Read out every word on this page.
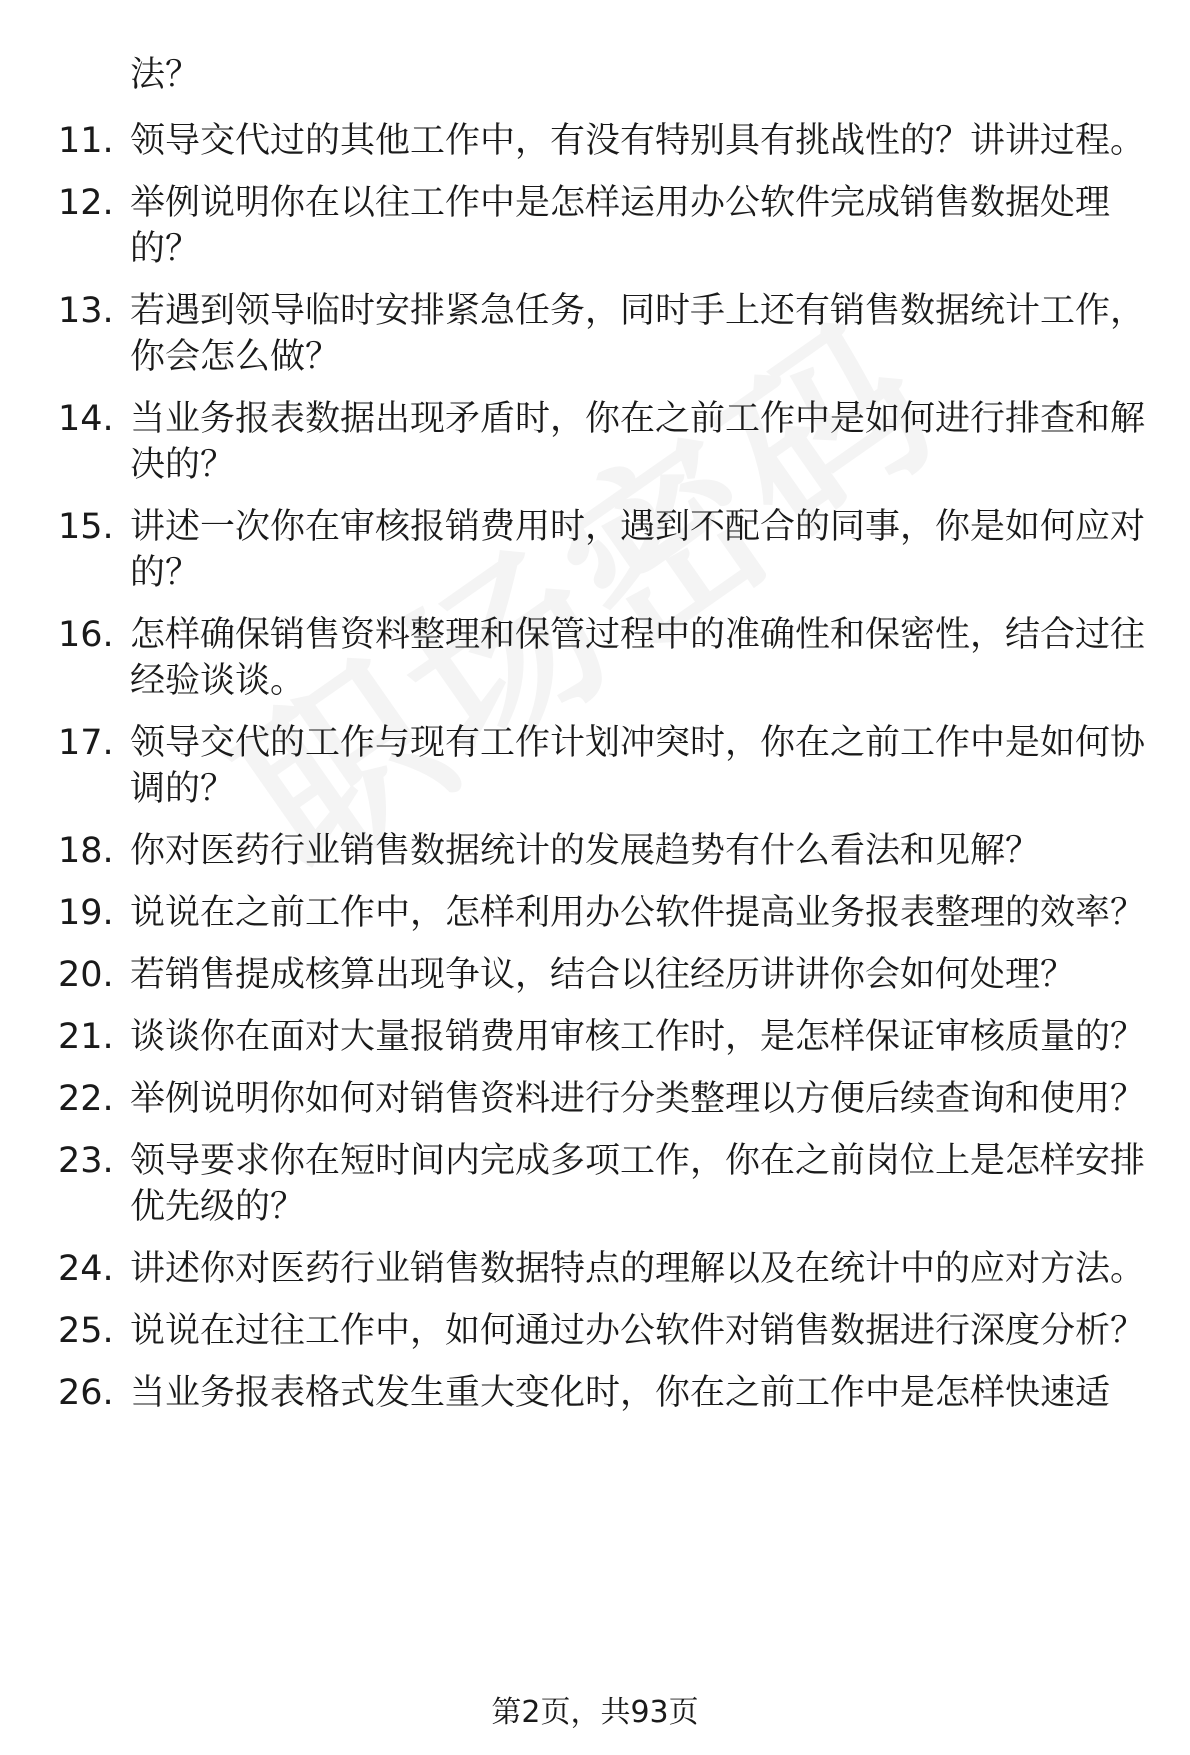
法？
11. 领导交代过的其他工作中，有没有特别具有挑战性的？讲讲过程。
12. 举例说明你在以往工作中是怎样运用办公软件完成销售数据处理的？
13. 若遇到领导临时安排紧急任务，同时手上还有销售数据统计工作，你会怎么做？
14. 当业务报表数据出现矛盾时，你在之前工作中是如何进行排查和解决的？
15. 讲述一次你在审核报销费用时，遇到不配合的同事，你是如何应对的？
16. 怎样确保销售资料整理和保管过程中的准确性和保密性，结合过往经验谈谈。
17. 领导交代的工作与现有工作计划冲突时，你在之前工作中是如何协调的？
18. 你对医药行业销售数据统计的发展趋势有什么看法和见解？
19. 说说在之前工作中，怎样利用办公软件提高业务报表整理的效率？
20. 若销售提成核算出现争议，结合以往经历讲讲你会如何处理？
21. 谈谈你在面对大量报销费用审核工作时，是怎样保证审核质量的？
22. 举例说明你如何对销售资料进行分类整理以方便后续查询和使用？
23. 领导要求你在短时间内完成多项工作，你在之前岗位上是怎样安排优先级的？
24. 讲述你对医药行业销售数据特点的理解以及在统计中的应对方法。
25. 说说在过往工作中，如何通过办公软件对销售数据进行深度分析？
26. 当业务报表格式发生重大变化时，你在之前工作中是怎样快速适
第2页，共93页
